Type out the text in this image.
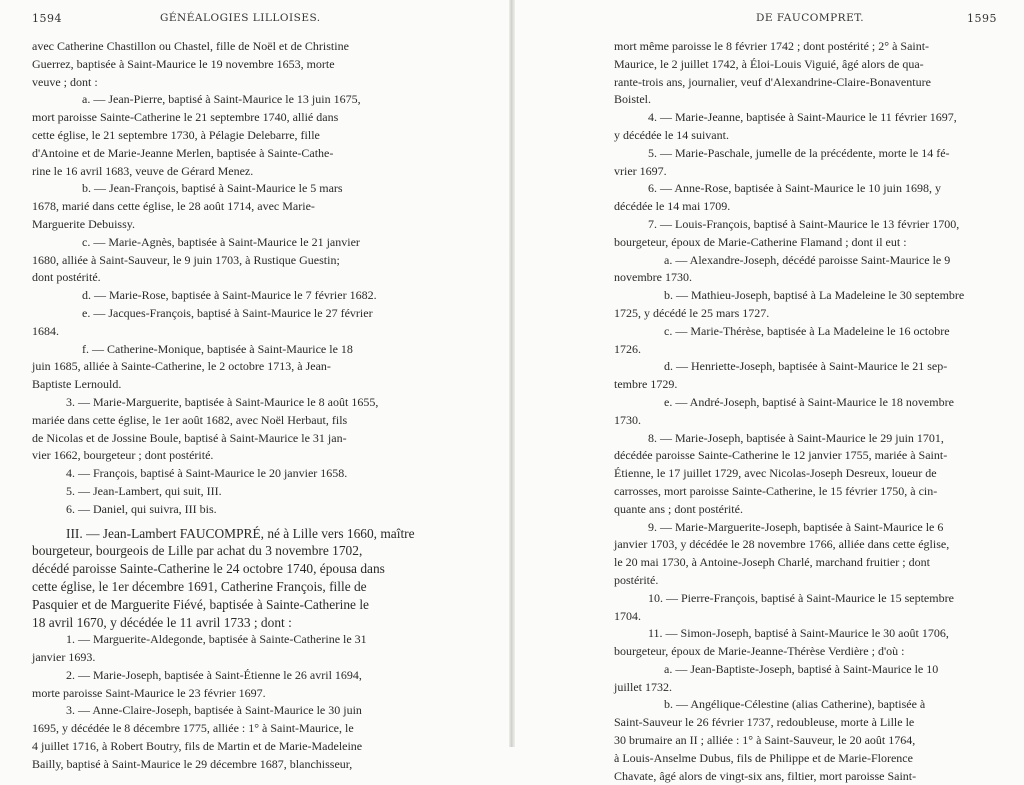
1594	GÉNÉALOGIES LILLOISES.
avec Catherine Chastillon ou Chastel, fille de Noël et de Christine
Guerrez, baptisée à Saint-Maurice le 19 novembre 1653, morte
veuve ; dont :
a. — Jean-Pierre, baptisé à Saint-Maurice le 13 juin 1675,
mort paroisse Sainte-Catherine le 21 septembre 1740, allié dans
cette église, le 21 septembre 1730, à Pélagie Delebarre, fille
d'Antoine et de Marie-Jeanne Merlen, baptisée à Sainte-Cathe-
rine le 16 avril 1683, veuve de Gérard Menez.
b. — Jean-François, baptisé à Saint-Maurice le 5 mars
1678, marié dans cette église, le 28 août 1714, avec Marie-
Marguerite Debuissy.
c. — Marie-Agnès, baptisée à Saint-Maurice le 21 janvier
1680, alliée à Saint-Sauveur, le 9 juin 1703, à Rustique Guestin;
dont postérité.
d. — Marie-Rose, baptisée à Saint-Maurice le 7 février 1682.
e. — Jacques-François, baptisé à Saint-Maurice le 27 février
1684.
f. — Catherine-Monique, baptisée à Saint-Maurice le 18
juin 1685, alliée à Sainte-Catherine, le 2 octobre 1713, à Jean-
Baptiste Lernould.
3. — Marie-Marguerite, baptisée à Saint-Maurice le 8 août 1655,
mariée dans cette église, le 1er août 1682, avec Noël Herbaut, fils
de Nicolas et de Jossine Boule, baptisé à Saint-Maurice le 31 jan-
vier 1662, bourgeteur ; dont postérité.
4. — François, baptisé à Saint-Maurice le 20 janvier 1658.
5. — Jean-Lambert, qui suit, III.
6. — Daniel, qui suivra, III bis.
III. — Jean-Lambert FAUCOMPRÉ, né à Lille vers 1660, maître
bourgeteur, bourgeois de Lille par achat du 3 novembre 1702,
décédé paroisse Sainte-Catherine le 24 octobre 1740, épousa dans
cette église, le 1er décembre 1691, Catherine François, fille de
Pasquier et de Marguerite Fiévé, baptisée à Sainte-Catherine le
18 avril 1670, y décédée le 11 avril 1733 ; dont :
1. — Marguerite-Aldegonde, baptisée à Sainte-Catherine le 31
janvier 1693.
2. — Marie-Joseph, baptisée à Saint-Étienne le 26 avril 1694,
morte paroisse Saint-Maurice le 23 février 1697.
3. — Anne-Claire-Joseph, baptisée à Saint-Maurice le 30 juin
1695, y décédée le 8 décembre 1775, alliée : 1° à Saint-Maurice, le
4 juillet 1716, à Robert Boutry, fils de Martin et de Marie-Madeleine
Bailly, baptisé à Saint-Maurice le 29 décembre 1687, blanchisseur,
DE FAUCOMPRET.	1595
mort même paroisse le 8 février 1742 ; dont postérité ; 2° à Saint-
Maurice, le 2 juillet 1742, à Éloi-Louis Viguié, âgé alors de qua-
rante-trois ans, journalier, veuf d'Alexandrine-Claire-Bonaventure
Boistel.
4. — Marie-Jeanne, baptisée à Saint-Maurice le 11 février 1697,
y décédée le 14 suivant.
5. — Marie-Paschale, jumelle de la précédente, morte le 14 fé-
vrier 1697.
6. — Anne-Rose, baptisée à Saint-Maurice le 10 juin 1698, y
décédée le 14 mai 1709.
7. — Louis-François, baptisé à Saint-Maurice le 13 février 1700,
bourgeteur, époux de Marie-Catherine Flamand ; dont il eut :
a. — Alexandre-Joseph, décédé paroisse Saint-Maurice le 9
novembre 1730.
b. — Mathieu-Joseph, baptisé à La Madeleine le 30 septembre
1725, y décédé le 25 mars 1727.
c. — Marie-Thérèse, baptisée à La Madeleine le 16 octobre
1726.
d. — Henriette-Joseph, baptisée à Saint-Maurice le 21 sep-
tembre 1729.
e. — André-Joseph, baptisé à Saint-Maurice le 18 novembre
1730.
8. — Marie-Joseph, baptisée à Saint-Maurice le 29 juin 1701,
décédée paroisse Sainte-Catherine le 12 janvier 1755, mariée à Saint-
Étienne, le 17 juillet 1729, avec Nicolas-Joseph Desreux, loueur de
carrosses, mort paroisse Sainte-Catherine, le 15 février 1750, à cin-
quante ans ; dont postérité.
9. — Marie-Marguerite-Joseph, baptisée à Saint-Maurice le 6
janvier 1703, y décédée le 28 novembre 1766, alliée dans cette église,
le 20 mai 1730, à Antoine-Joseph Charlé, marchand fruitier ; dont
postérité.
10. — Pierre-François, baptisé à Saint-Maurice le 15 septembre
1704.
11. — Simon-Joseph, baptisé à Saint-Maurice le 30 août 1706,
bourgeteur, époux de Marie-Jeanne-Thérèse Verdière ; d'où :
a. — Jean-Baptiste-Joseph, baptisé à Saint-Maurice le 10
juillet 1732.
b. — Angélique-Célestine (alias Catherine), baptisée à
Saint-Sauveur le 26 février 1737, redoubleuse, morte à Lille le
30 brumaire an II ; alliée : 1° à Saint-Sauveur, le 20 août 1764,
à Louis-Anselme Dubus, fils de Philippe et de Marie-Florence
Chavate, âgé alors de vingt-six ans, filtier, mort paroisse Saint-
